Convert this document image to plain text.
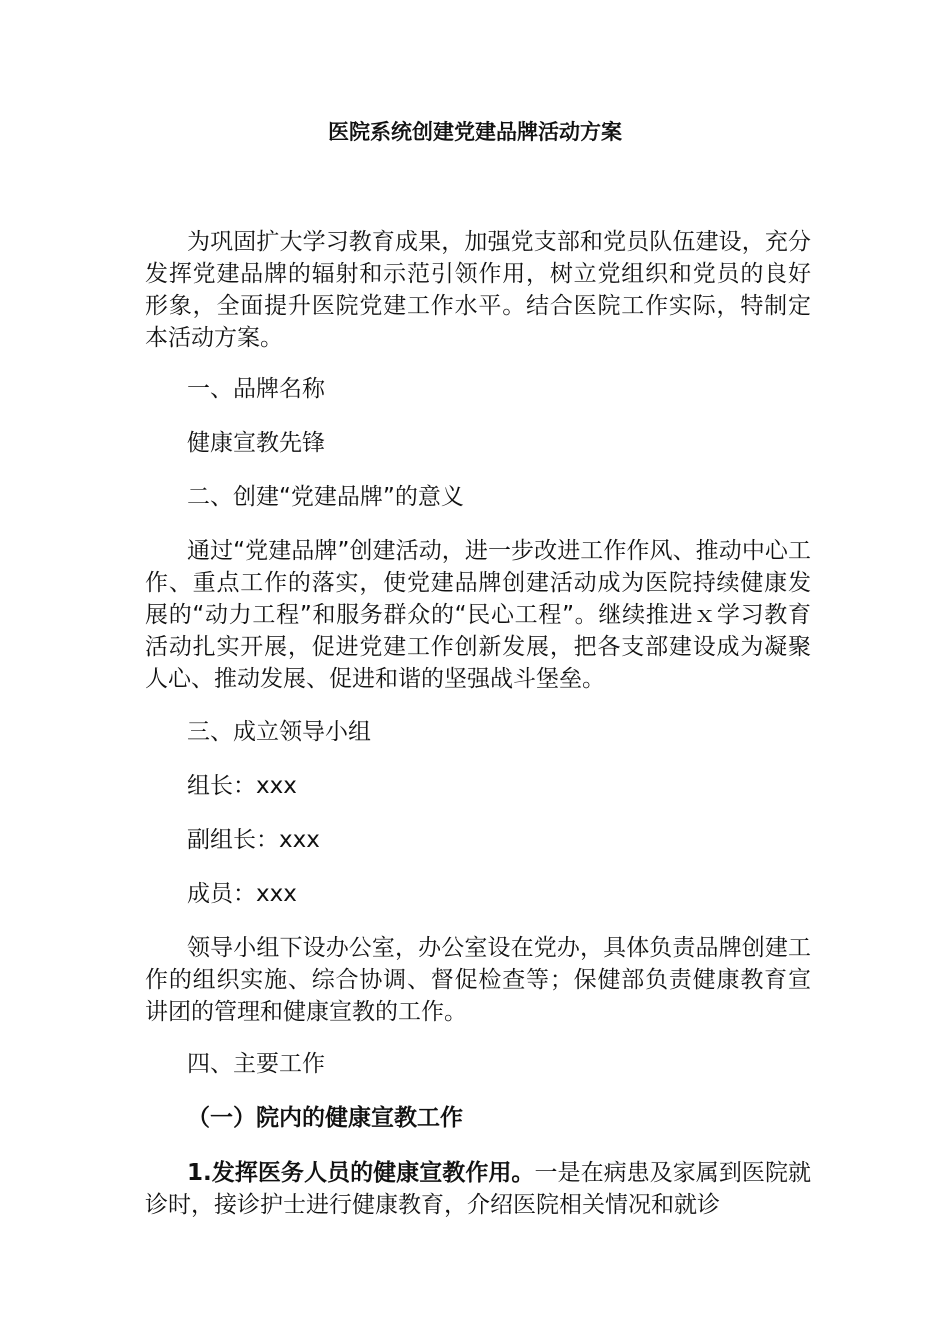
医院系统创建党建品牌活动方案
为巩固扩大学习教育成果，加强党支部和党员队伍建设，充分发挥党建品牌的辐射和示范引领作用，树立党组织和党员的良好形象，全面提升医院党建工作水平。结合医院工作实际，特制定本活动方案。
一、品牌名称
健康宣教先锋
二、创建“党建品牌”的意义
通过“党建品牌”创建活动，进一步改进工作作风、推动中心工作、重点工作的落实，使党建品牌创建活动成为医院持续健康发展的“动力工程”和服务群众的“民心工程”。继续推进ｘ学习教育活动扎实开展，促进党建工作创新发展，把各支部建设成为凝聚人心、推动发展、促进和谐的坚强战斗堡垒。
三、成立领导小组
组长：xxx
副组长：xxx
成员：xxx
领导小组下设办公室，办公室设在党办，具体负责品牌创建工作的组织实施、综合协调、督促检查等；保健部负责健康教育宣讲团的管理和健康宣教的工作。
四、主要工作
（一）院内的健康宣教工作
1.发挥医务人员的健康宣教作用。一是在病患及家属到医院就诊时，接诊护士进行健康教育，介绍医院相关情况和就诊
